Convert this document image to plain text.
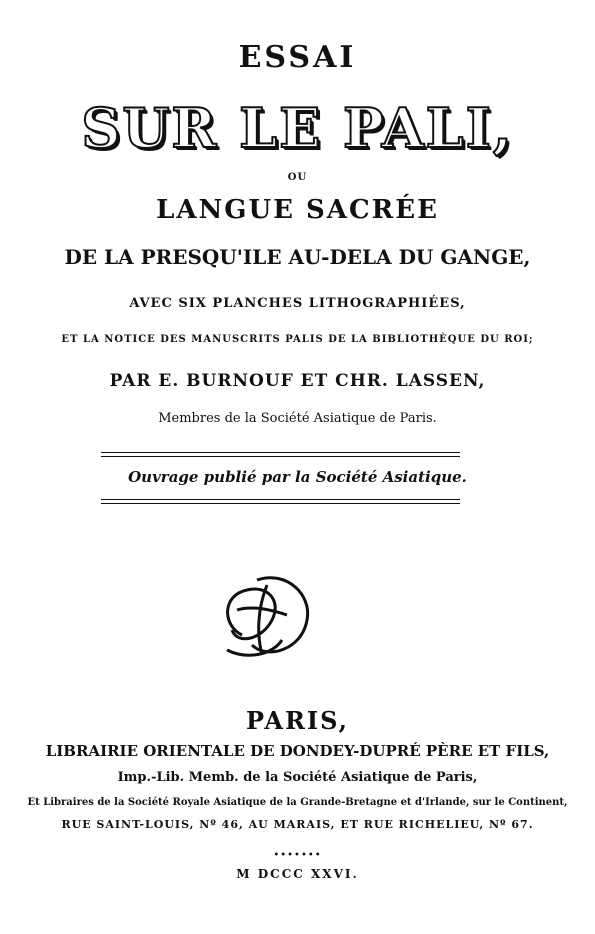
ESSAI
SUR LE PALI,
OU
LANGUE SACRÉE
DE LA PRESQU'ILE AU-DELA DU GANGE,
AVEC SIX PLANCHES LITHOGRAPHIÉES,
ET LA NOTICE DES MANUSCRITS PALIS DE LA BIBLIOTHÈQUE DU ROI;
PAR E. BURNOUF ET CHR. LASSEN,
Membres de la Société Asiatique de Paris.
Ouvrage publié par la Société Asiatique.
PARIS,
LIBRAIRIE ORIENTALE DE DONDEY-DUPRÉ PÈRE ET FILS,
Imp.-Lib. Memb. de la Société Asiatique de Paris,
Et Libraires de la Société Royale Asiatique de la Grande-Bretagne et d'Irlande, sur le Continent,
RUE SAINT-LOUIS, Nº 46, AU MARAIS, ET RUE RICHELIEU, Nº 67.
•••••••
M DCCC XXVI.
